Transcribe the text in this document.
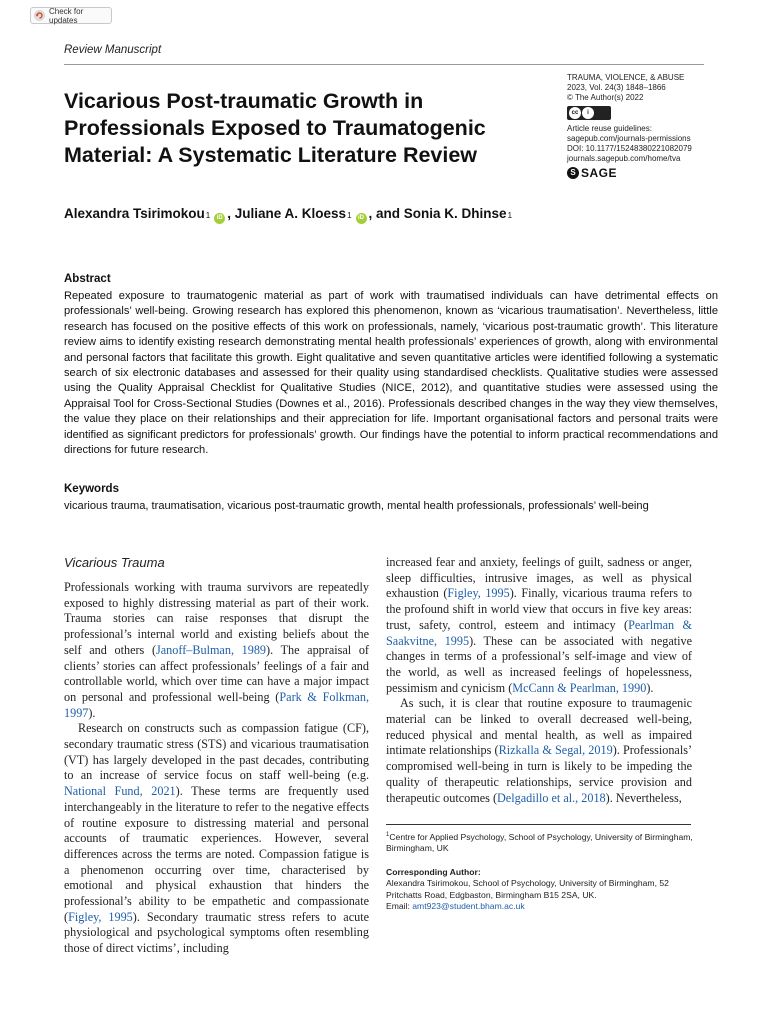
Check for updates
Review Manuscript
Vicarious Post-traumatic Growth in Professionals Exposed to Traumatogenic Material: A Systematic Literature Review
TRAUMA, VIOLENCE, & ABUSE
2023, Vol. 24(3) 1848–1866
© The Author(s) 2022
cc	i
Article reuse guidelines:
sagepub.com/journals-permissions
DOI: 10.1177/15248380221082079
journals.sagepub.com/home/tva
S SAGE
Alexandra Tsirimokou 1	iD , Juliane A. Kloess 1	iD , and Sonia K. Dhinse 1
Abstract

Repeated exposure to traumatogenic material as part of work with traumatised individuals can have detrimental effects on professionals’ well-being. Growing research has explored this phenomenon, known as ‘vicarious traumatisation’. Nevertheless, little research has focused on the positive effects of this work on professionals, namely, ‘vicarious post-traumatic growth’. This literature review aims to identify existing research demonstrating mental health professionals’ experiences of growth, along with environmental and personal factors that facilitate this growth. Eight qualitative and seven quantitative articles were identified following a systematic search of six electronic databases and assessed for their quality using standardised checklists. Qualitative studies were assessed using the Quality Appraisal Checklist for Qualitative Studies (NICE, 2012), and quantitative studies were assessed using the Appraisal Tool for Cross-Sectional Studies (Downes et al., 2016). Professionals described changes in the way they view themselves, the value they place on their relationships and their appreciation for life. Important organisational factors and personal traits were identified as significant predictors for professionals’ growth. Our findings have the potential to inform practical recommendations and directions for future research.

Keywords

vicarious trauma, traumatisation, vicarious post-traumatic growth, mental health professionals, professionals’ well-being

Vicarious Trauma

Professionals working with trauma survivors are repeatedly exposed to highly distressing material as part of their work. Trauma stories can raise responses that disrupt the professional’s internal world and existing beliefs about the self and others (Janoff–Bulman, 1989). The appraisal of clients’ stories can affect professionals’ feelings of a fair and controllable world, which over time can have a major impact on personal and professional well-being (Park & Folkman, 1997).

Research on constructs such as compassion fatigue (CF), secondary traumatic stress (STS) and vicarious traumatisation (VT) has largely developed in the past decades, contributing to an increase of service focus on staff well-being (e.g. National Fund, 2021). These terms are frequently used interchangeably in the literature to refer to the negative effects of routine exposure to distressing material and personal accounts of traumatic experiences. However, several differences across the terms are noted. Compassion fatigue is a phenomenon occurring over time, characterised by emotional and physical exhaustion that hinders the professional’s ability to be empathetic and compassionate (Figley, 1995). Secondary traumatic stress refers to acute physiological and psychological symptoms often resembling those of direct victims’, including

increased fear and anxiety, feelings of guilt, sadness or anger, sleep difficulties, intrusive images, as well as physical exhaustion (Figley, 1995). Finally, vicarious trauma refers to the profound shift in world view that occurs in five key areas: trust, safety, control, esteem and intimacy (Pearlman & Saakvitne, 1995). These can be associated with negative changes in terms of a professional’s self-image and view of the world, as well as increased feelings of hopelessness, pessimism and cynicism (McCann & Pearlman, 1990).

As such, it is clear that routine exposure to traumagenic material can be linked to overall decreased well-being, reduced physical and mental health, as well as impaired intimate relationships (Rizkalla & Segal, 2019). Professionals’ compromised well-being in turn is likely to be impeding the quality of therapeutic relationships, service provision and therapeutic outcomes (Delgadillo et al., 2018). Nevertheless,

$^1$Centre for Applied Psychology, School of Psychology, University of Birmingham, Birmingham, UK

Corresponding Author:

Alexandra Tsirimokou, School of Psychology, University of Birmingham, 52 Pritchatts Road, Edgbaston, Birmingham B15 2SA, UK.

Email: amt923@student.bham.ac.uk
